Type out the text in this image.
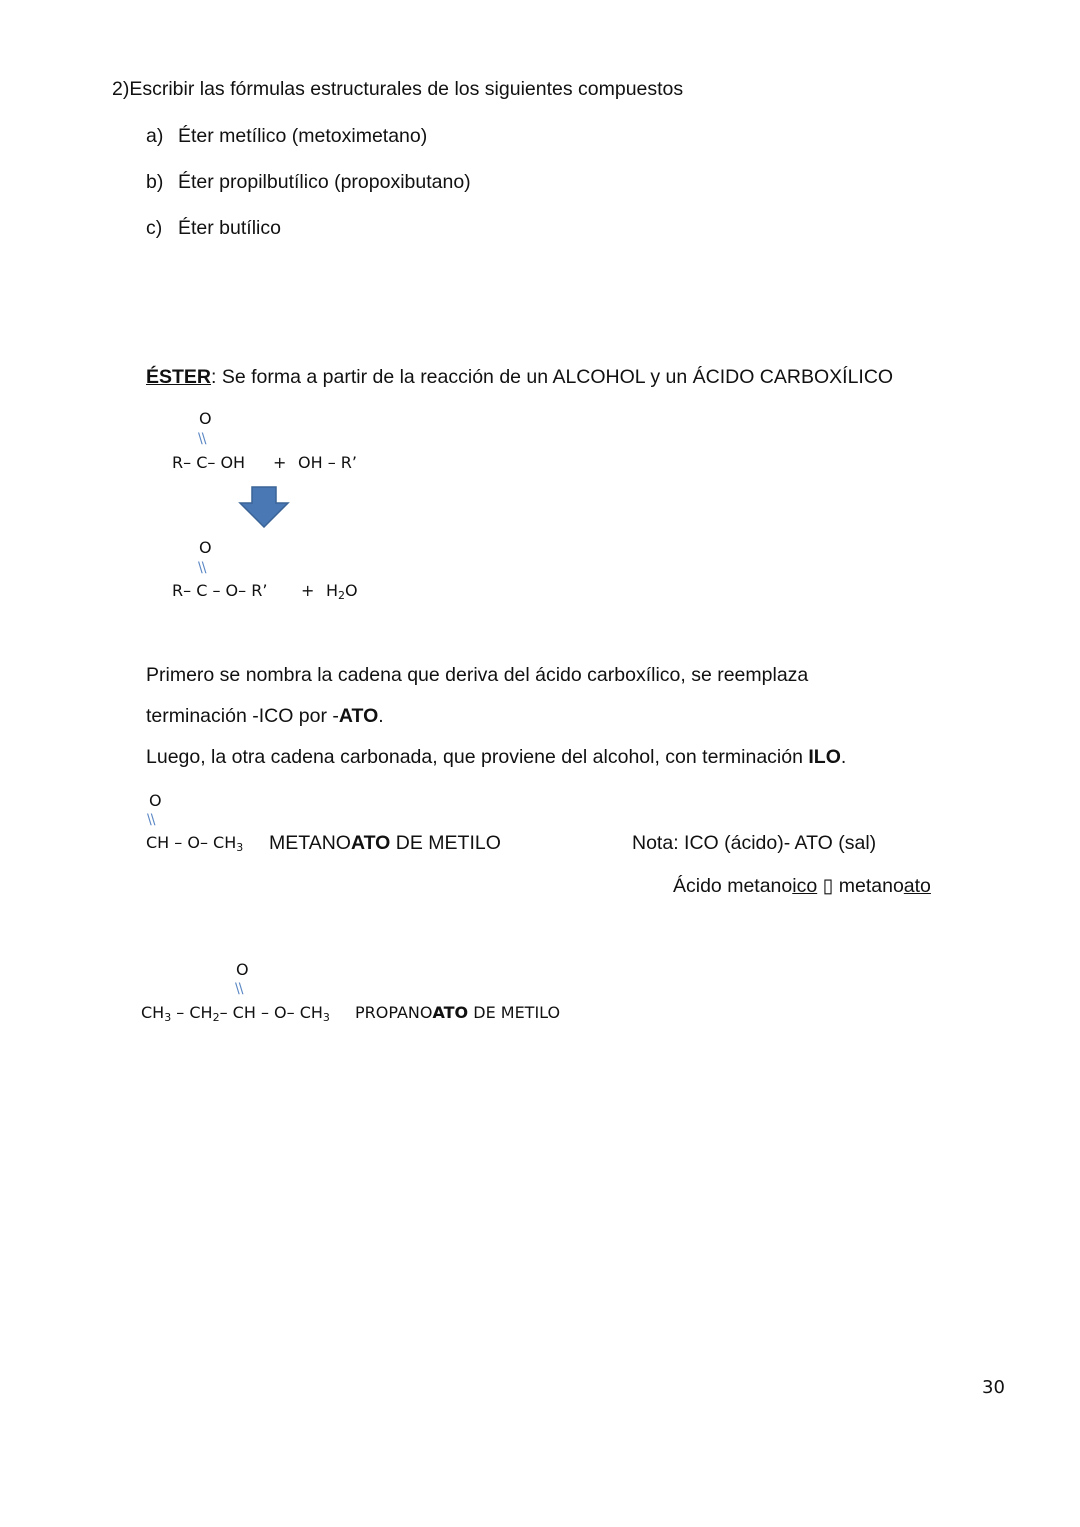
2)Escribir las fórmulas estructurales de los siguientes compuestos
a) Éter metílico (metoximetano)
b) Éter propilbutílico (propoxibutano)
c) Éter butílico
ÉSTER: Se forma a partir de la reacción de un ALCOHOL y un ÁCIDO CARBOXÍLICO
O
\\
R– C– OH + OH – R’
O
\\
R– C – O– R’ + $H_2O$
Primero se nombra la cadena que deriva del ácido carboxílico, se reemplaza
terminación -ICO por -ATO.
Luego, la otra cadena carbonada, que proviene del alcohol, con terminación ILO.
O
\\
CH – O– $CH_3$ METANOATO DE METILO	Nota: ICO (ácido)- ATO (sal)
Ácido metanoico ▯ metanoato
O
\\
$CH_3 - CH_2-$ CH – O– $CH_3$ PROPANOATO DE METILO
30
